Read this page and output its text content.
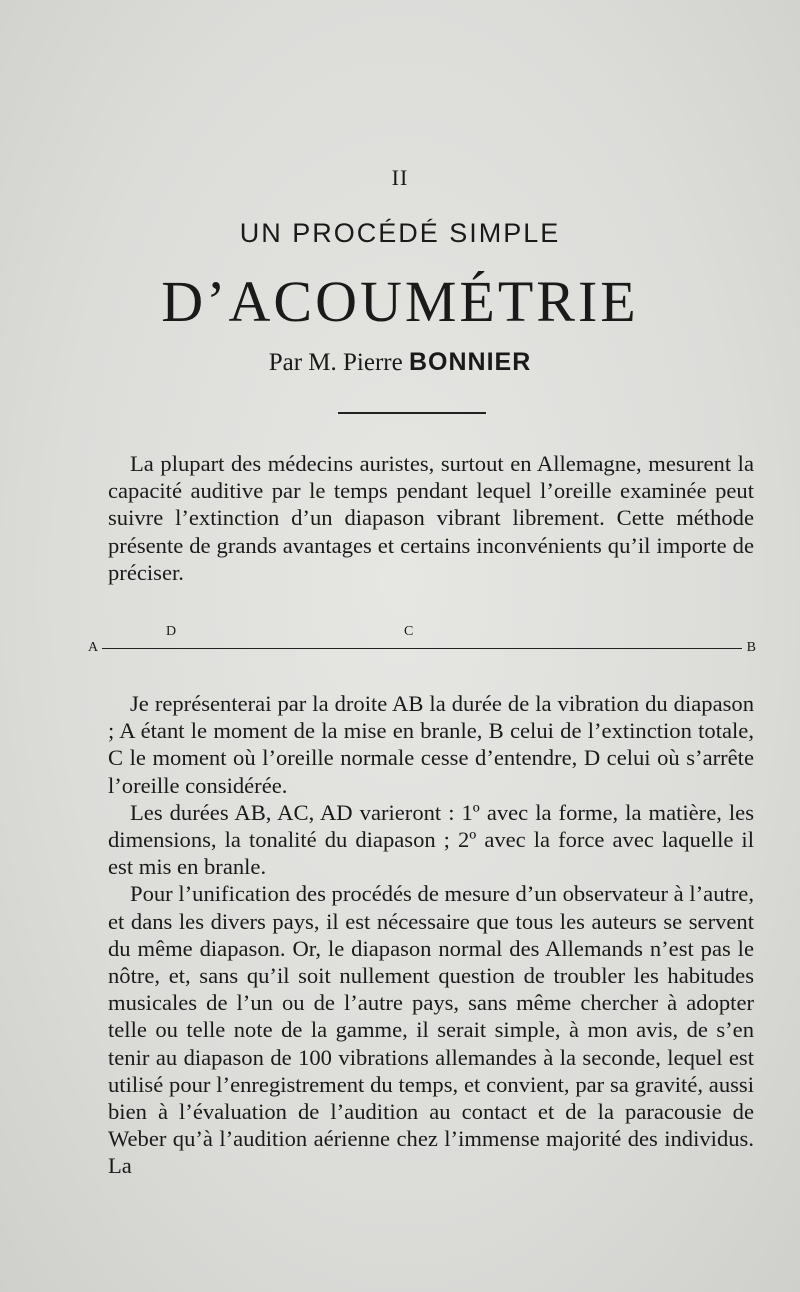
II
UN PROCÉDÉ SIMPLE
D’ACOUMÉTRIE
Par M. Pierre BONNIER

La plupart des médecins auristes, surtout en Allemagne, mesurent la capacité auditive par le temps pendant lequel l’oreille examinée peut suivre l’extinction d’un diapason vibrant librement. Cette méthode présente de grands avantages et certains inconvénients qu’il importe de préciser.

A
D	C
B

Je représenterai par la droite AB la durée de la vibration du diapason ; A étant le moment de la mise en branle, B celui de l’extinction totale, C le moment où l’oreille normale cesse d’entendre, D celui où s’arrête l’oreille considérée.

Les durées AB, AC, AD varieront : 1º avec la forme, la matière, les dimensions, la tonalité du diapason ; 2º avec la force avec laquelle il est mis en branle.

Pour l’unification des procédés de mesure d’un observateur à l’autre, et dans les divers pays, il est nécessaire que tous les auteurs se servent du même diapason. Or, le diapason normal des Allemands n’est pas le nôtre, et, sans qu’il soit nullement question de troubler les habitudes musicales de l’un ou de l’autre pays, sans même chercher à adopter telle ou telle note de la gamme, il serait simple, à mon avis, de s’en tenir au diapason de 100 vibrations allemandes à la seconde, lequel est utilisé pour l’enregistrement du temps, et convient, par sa gravité, aussi bien à l’évaluation de l’audition au contact et de la paracousie de Weber qu’à l’audition aérienne chez l’immense majorité des individus. La
